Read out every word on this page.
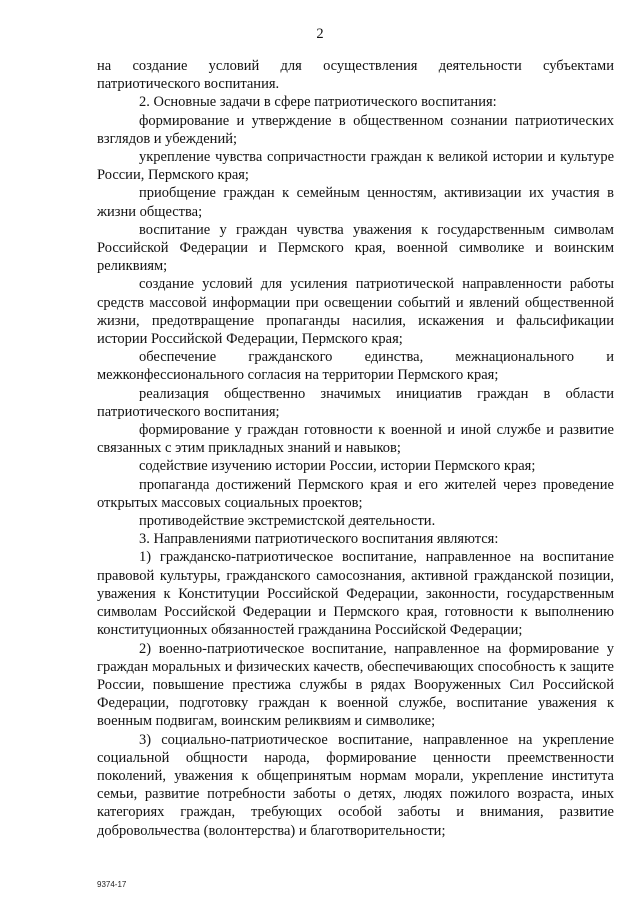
2

на создание условий для осуществления деятельности субъектами патриотического воспитания.

2. Основные задачи в сфере патриотического воспитания:

формирование и утверждение в общественном сознании патриотических взглядов и убеждений;

укрепление чувства сопричастности граждан к великой истории и культуре России, Пермского края;

приобщение граждан к семейным ценностям, активизации их участия в жизни общества;

воспитание у граждан чувства уважения к государственным символам Российской Федерации и Пермского края, военной символике и воинским реликвиям;

создание условий для усиления патриотической направленности работы средств массовой информации при освещении событий и явлений общественной жизни, предотвращение пропаганды насилия, искажения и фальсификации истории Российской Федерации, Пермского края;

обеспечение гражданского единства, межнационального и межконфессионального согласия на территории Пермского края;

реализация общественно значимых инициатив граждан в области патриотического воспитания;

формирование у граждан готовности к военной и иной службе и развитие связанных с этим прикладных знаний и навыков;

содействие изучению истории России, истории Пермского края;

пропаганда достижений Пермского края и его жителей через проведение открытых массовых социальных проектов;

противодействие экстремистской деятельности.

3. Направлениями патриотического воспитания являются:

1) гражданско-патриотическое воспитание, направленное на воспитание правовой культуры, гражданского самосознания, активной гражданской позиции, уважения к Конституции Российской Федерации, законности, государственным символам Российской Федерации и Пермского края, готовности к выполнению конституционных обязанностей гражданина Российской Федерации;

2) военно-патриотическое воспитание, направленное на формирование у граждан моральных и физических качеств, обеспечивающих способность к защите России, повышение престижа службы в рядах Вооруженных Сил Российской Федерации, подготовку граждан к военной службе, воспитание уважения к военным подвигам, воинским реликвиям и символике;

3) социально-патриотическое воспитание, направленное на укрепление социальной общности народа, формирование ценности преемственности поколений, уважения к общепринятым нормам морали, укрепление института семьи, развитие потребности заботы о детях, людях пожилого возраста, иных категориях граждан, требующих особой заботы и внимания, развитие добровольчества (волонтерства) и благотворительности;

9374-17
